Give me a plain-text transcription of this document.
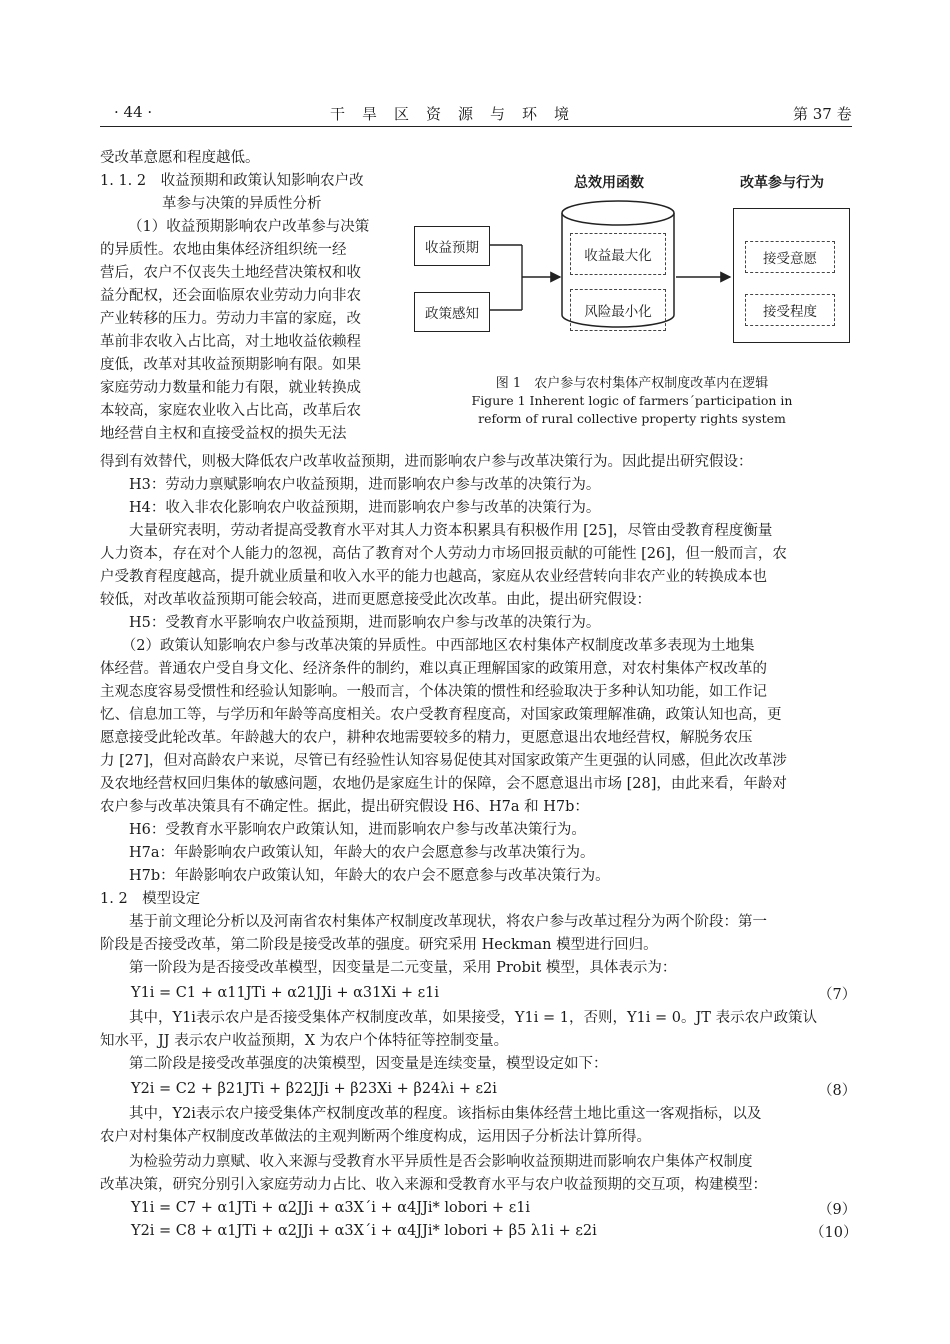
· 44 ·	干　旱　区　资　源　与　环　境	第 37 卷
受改革意愿和程度越低。
1. 1. 2　收益预期和政策认知影响农户改
革参与决策的异质性分析
（1）收益预期影响农户改革参与决策
的异质性。农地由集体经济组织统一经
营后，农户不仅丧失土地经营决策权和收
益分配权，还会面临原农业劳动力向非农
产业转移的压力。劳动力丰富的家庭，改
革前非农收入占比高，对土地收益依赖程
度低，改革对其收益预期影响有限。如果
家庭劳动力数量和能力有限，就业转换成
本较高，家庭农业收入占比高，改革后农
地经营自主权和直接受益权的损失无法
总效用函数	改革参与行为
收益预期
政策感知
收益最大化
风险最小化
接受意愿
接受程度
图 1　农户参与农村集体产权制度改革内在逻辑
Figure 1 Inherent logic of farmers´participation in
reform of rural collective property rights system
得到有效替代，则极大降低农户改革收益预期，进而影响农户参与改革决策行为。因此提出研究假设：
　　H3：劳动力禀赋影响农户收益预期，进而影响农户参与改革的决策行为。
　　H4：收入非农化影响农户收益预期，进而影响农户参与改革的决策行为。
　　大量研究表明，劳动者提高受教育水平对其人力资本积累具有积极作用 [25]，尽管由受教育程度衡量
人力资本，存在对个人能力的忽视，高估了教育对个人劳动力市场回报贡献的可能性 [26]，但一般而言，农
户受教育程度越高，提升就业质量和收入水平的能力也越高，家庭从农业经营转向非农产业的转换成本也
较低，对改革收益预期可能会较高，进而更愿意接受此次改革。由此，提出研究假设：
　　H5：受教育水平影响农户收益预期，进而影响农户参与改革的决策行为。
　　（2）政策认知影响农户参与改革决策的异质性。中西部地区农村集体产权制度改革多表现为土地集
体经营。普通农户受自身文化、经济条件的制约，难以真正理解国家的政策用意，对农村集体产权改革的
主观态度容易受惯性和经验认知影响。一般而言，个体决策的惯性和经验取决于多种认知功能，如工作记
忆、信息加工等，与学历和年龄等高度相关。农户受教育程度高，对国家政策理解准确，政策认知也高，更
愿意接受此轮改革。年龄越大的农户，耕种农地需要较多的精力，更愿意退出农地经营权，解脱务农压
力 [27]，但对高龄农户来说，尽管已有经验性认知容易促使其对国家政策产生更强的认同感，但此次改革涉
及农地经营权回归集体的敏感问题，农地仍是家庭生计的保障，会不愿意退出市场 [28]，由此来看，年龄对
农户参与改革决策具有不确定性。据此，提出研究假设 H6、H7a 和 H7b：
　　H6：受教育水平影响农户政策认知，进而影响农户参与改革决策行为。
　　H7a：年龄影响农户政策认知，年龄大的农户会愿意参与改革决策行为。
　　H7b：年龄影响农户政策认知，年龄大的农户会不愿意参与改革决策行为。
1. 2　模型设定
　　基于前文理论分析以及河南省农村集体产权制度改革现状，将农户参与改革过程分为两个阶段：第一
阶段是否接受改革，第二阶段是接受改革的强度。研究采用 Heckman 模型进行回归。
　　第一阶段为是否接受改革模型，因变量是二元变量，采用 Probit 模型，具体表示为：
Y1i = C1 + α11JTi + α21JJi + α31Xi + ε1i	（7）
　　其中，Y1i表示农户是否接受集体产权制度改革，如果接受，Y1i = 1，否则，Y1i = 0。JT 表示农户政策认
知水平，JJ 表示农户收益预期，X 为农户个体特征等控制变量。
　　第二阶段是接受改革强度的决策模型，因变量是连续变量，模型设定如下：
Y2i = C2 + β21JTi + β22JJi + β23Xi + β24λi + ε2i	（8）
　　其中，Y2i表示农户接受集体产权制度改革的程度。该指标由集体经营土地比重这一客观指标，以及
农户对村集体产权制度改革做法的主观判断两个维度构成，运用因子分析法计算所得。
　　为检验劳动力禀赋、收入来源与受教育水平异质性是否会影响收益预期进而影响农户集体产权制度
改革决策，研究分别引入家庭劳动力占比、收入来源和受教育水平与农户收益预期的交互项，构建模型：
Y1i = C7 + α1JTi + α2JJi + α3X´i + α4JJi* lobori + ε1i	（9）
Y2i = C8 + α1JTi + α2JJi + α3X´i + α4JJi* lobori + β5 λ1i + ε2i	（10）
